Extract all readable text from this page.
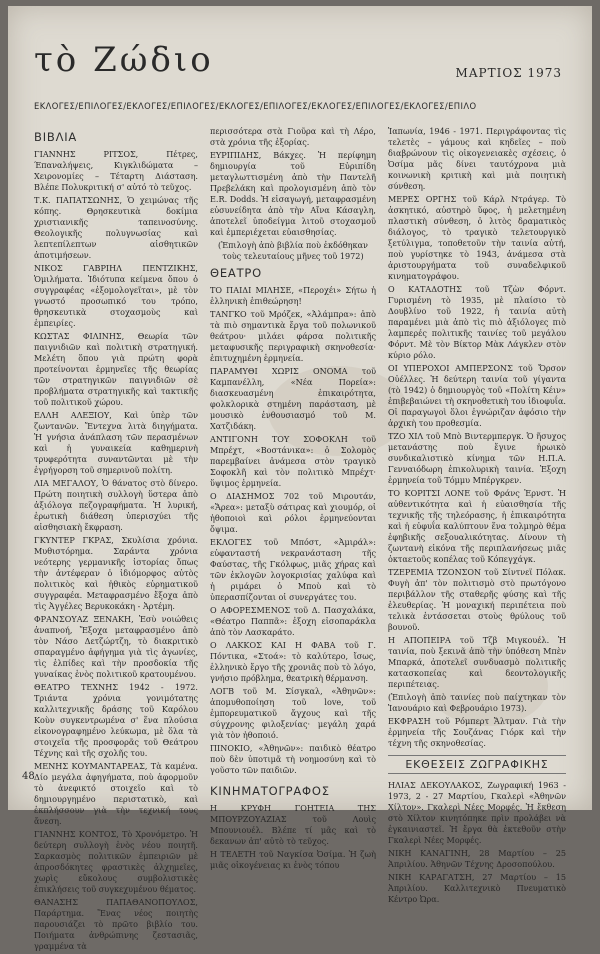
τὸ Ζώδιο	ΜΑΡΤΙΟΣ 1973
ΕΚΛΟΓΕΣ/ΕΠΙΛΟΓΕΣ/ΕΚΛΟΓΕΣ/ΕΠΙΛΟΓΕΣ/ΕΚΛΟΓΕΣ/ΕΠΙΛΟΓΕΣ/ΕΚΛΟΓΕΣ/ΕΠΙΛΟΓΕΣ/ΕΚΛΟΓΕΣ/ΕΠΙΛΟ
ΒΙΒΛΙΑ

ΓΙΑΝΝΗΣ ΡΙΤΣΟΣ, Πέτρες, Έπαναλήψεις, Κιγκλιδώματα – Χειρονομίες – Τέταρτη Διάσταση. Βλέπε Πολυκριτική σ' αὐτό τὸ τεῦχος.

Τ.Κ. ΠΑΠΑΤΣΩΝΗΣ, Ὁ χειμώνας τῆς κόπης. Θρησκευτικὰ δοκίμια χριστιανικῆς ταπεινοσύνης. Θεολογικῆς πολυγνωσίας καὶ λεπτεπίλεπτων αἰσθητικῶν ἀποτιμήσεων.

ΝΙΚΟΣ ΓΑΒΡΙΗΛ ΠΕΝΤΖΙΚΗΣ, Ὁμιλήματα. Ἰδιότυπα κείμενα ὅπου ὁ συγγραφέας «ἐξομολογεῖται», μὲ τὸν γνωστό προσωπικό του τρόπο, θρησκευτικὰ στοχασμοὺς καὶ ἐμπειρίες.

ΚΩΣΤΑΣ ΦΙΛΙΝΗΣ, Θεωρία τῶν παιγνιδιῶν καὶ πολιτικὴ στρατηγική. Μελέτη ὅπου γιὰ πρώτη φορὰ προτείνονται ἑρμηνεῖες τῆς θεωρίας τῶν στρατηγικῶν παιγνιδιῶν σὲ προβλήματα στρατηγικῆς καὶ τακτικῆς τοῦ πολιτικοῦ χώρου.

ΕΛΛΗ ΑΛΕΞΙΟΥ, Καὶ ὑπὲρ τῶν ζωντανῶν. Ἔντεχνα λιτὰ διηγήματα. Ἡ γνήσια ἀνάπλαση τῶν περασμένων καὶ ἡ γυναικεία καθημερινὴ τρυφερότητα συναντῶνται μὲ τὴν ἐγρήγορση τοῦ σημερινοῦ πολίτη.

ΛΙΑ ΜΕΓΑΛΟΥ, Ὁ θάνατος στὸ δίνερο. Πρώτη ποιητικὴ συλλογὴ ὕστερα ἀπὸ ἀξιόλογα πεζογραφήματα. Ἡ λυρική, ἐρωτικὴ διάθεση ὑπερισχύει τῆς αἰσθησιακὴ ἔκφραση.

ΓΚΥΝΤΕΡ ΓΚΡΑΣ, Σκυλίσια χρόνια. Μυθιστόρημα. Σαράντα χρόνια νεότερης γερμανικῆς ἱστορίας ὅπως τὴν ἀντέφεραν ὁ ἰδιόμορφος αὐτὸς πολιτικὸς καὶ ἠθικὸς εὐρηματικοῦ συγγραφέα. Μεταφρασμένο ἔξοχα ἀπὸ τὶς Ἀγγέλες Βερυκοκάκη - Ἀρτέμη.

ΦΡΑΝΣΟΥΑΖ ΞΕΝΑΚΗ, Ἐσὺ νοιώθεις ἀναπνοή, Ἔξοχα μεταφρασμένο ἀπὸ τὸν Νάσο Δετζώρτζη, τὸ διακριτικὸ σπαραγμένο ἀφήγημα γιὰ τὶς ἀγωνίες, τὶς ἐλπίδες καὶ τὴν προσδοκία τῆς γυναίκας ἑνὸς πολιτικοῦ κρατουμένου.

ΘΕΑΤΡΟ ΤΕΧΝΗΣ 1942 - 1972. Τριάντα χρόνια γονιμότατης καλλιτεχνικῆς δράσης τοῦ Καρόλου Κοὺν συγκεντρωμένα σ' ἕνα πλούσια εἰκονογραφημένο λεύκωμα, μὲ ὅλα τὰ στοιχεῖα τῆς προσφορᾶς τοῦ Θεάτρου Τέχνης καὶ τῆς σχολῆς του.

ΜΕΝΗΣ ΚΟΥΜΑΝΤΑΡΕΑΣ, Τὰ καμένα. Δίο μεγάλα ἀφηγήματα, ποὺ ἀφορμοῦν τὸ ἀνεφικτό στοιχεῖο καὶ τὸ δημιουργημένο περιστατικὸ, καὶ ἐκπλήσσουν γιὰ τὴν τεχνική τους ἄνεση.

ΓΙΑΝΝΗΣ ΚΟΝΤΟΣ, Τὸ Χρονόμετρο. Ἡ δεύτερη συλλογὴ ἑνὸς νέου ποιητῆ. Σαρκασμὸς πολιτικῶν ἐμπειριῶν μὲ ἀπροσδόκητες φραστικὲς ἀλχημεῖες, χωρὶς εὔκολους συμβολιστικὲς ἐπικλήσεις τοῦ συγκεχυμένου θέματος.

ΘΑΝΑΣΗΣ ΠΑΠΑΘΑΝΟΠΟΥΛΟΣ, Παράρτημα. Ἕνας νέος ποιητὴς παρουσιάζει τὸ πρῶτο βιβλίο του. Ποιήματα ἀνθρώπινης ζεστασιᾶς, γραμμένα τὰ

περισσότερα στὰ Γιοῦρα καὶ τὴ Λέρο, στὰ χρόνια τῆς ἐξορίας.

ΕΥΡΙΠΙΔΗΣ, Βάκχες. Ἡ περίφημη δημιουργία τοῦ Εὐριπίδη μεταγλωττισμένη ἀπὸ τὴν Παντελῆ Πρεβελάκη καὶ προλογισμένη ἀπὸ τὸν E.R. Dodds. Ἡ εἰσαγωγή, μεταφρασμένη εὐσυνείδητα ἀπὸ τὴν Αἴνα Κάσαγλη, ἀποτελεῖ ὑποδείγμα λιτοῦ στοχασμοῦ καὶ ἐμπεριέχεται εὐαισθησίας.

(Ἐπιλογὴ ἀπὸ βιβλία ποὺ ἐκδόθηκαν τοὺς τελευταίους μῆνες τοῦ 1972)

ΘΕΑΤΡΟ

ΤΟ ΠΑΙΔΙ ΜΙΛΗΣΕ, «Περοχέι» Σήτω ἡ ἑλληνικὴ ἐπιθεώρηση!

ΤΑΝΓΚΟ τοῦ Μρόζεκ, «Ἀλάμπρα»: ἀπὸ τὰ πιὸ σημαντικὰ ἔργα τοῦ πολωνικοῦ θεάτρου· μιλάει φάρσα πολιτικῆς μεταφυσικῆς περιγραφικὴ σκηνοθεσία· ἐπιτυχημένη ἑρμηνεία.

ΠΑΡΑΜΥΘΙ ΧΩΡΙΣ ΟΝΟΜΑ τοῦ Καμπανέλλη, «Νέα Πορεία»: διασκευασμένη ἐπικαιρότητα, φολκλορικὰ στημένη παράσταση, μὲ μουσικὸ ἐνθουσιασμό τοῦ Μ. Χατζιδάκη.

ΑΝΤΙΓΟΝΗ ΤΟΥ ΣΟΦΟΚΛΗ τοῦ Μπρέχτ, «Βοστάνικα»: ὁ Σολομὸς παρεμβαίνει ἀνάμεσα στὸν τραγικὸ Σοφοκλῆ καὶ τὸν πολιτικὸ Μπρέχτ· ὕψιμος ἑρμηνεία.

Ο ΔΙΑΣΗΜΟΣ 702 τοῦ Μιρουτάν, «Ἄρεα»: μεταξὺ σάτιρας καὶ χιουμόρ, οἱ ἠθοποιοὶ καὶ ρόλοι ἑρμηνεύονται ὄψιμα.

ΕΚΛΟΓΕΣ τοῦ Μπόστ, «Ἀμιράλ»: εὐφανταστή νεκρανάσταση τῆς Φαύστας, τῆς Γκόλφως, μιᾶς χήρας καὶ τῶν ἐκλογῶν λογοκρισίας χαλύφα καὶ ἡ ριμάρει ὁ Μποὺ καὶ τὸ ὑπερασπίζονται οἱ συνεργάτες του.

Ο ΑΦΟΡΕΣΜΕΝΟΣ τοῦ Δ. Πασχαλάκα, «Θέατρο Παππᾶ»: ἐξοχη εἰσοπαράκλα ἀπὸ τὸν Λασκαράτο.

Ο ΛΑΚΚΟΣ ΚΑΙ Η ΦΑΒΑ τοῦ Γ. Πόντικα, «Στοά»: τὸ καλύτερο, ἴσως, ἑλληνικὸ ἔργο τῆς χρονιᾶς ποὺ τὸ λόγο, γνήσιο πρόβλημα, θεατρικὴ θέρμανση.

ΛΟΓΒ τοῦ Μ. Σίσγκαλ, «Ἀθηνῶν»: ἀπομυθοποίηση τοῦ love, τοῦ ἐμπορευματικοῦ ἄγχους καὶ τῆς σύγχρονης φιλοξενίας· μεγάλη χαρά γιὰ τὸν ἠθοποιό.

ΠΙΝΟΚΙΟ, «Ἀθηνῶν»: παιδικὸ θέατρο ποὺ δὲν ὑποτιμᾶ τὴ νοημοσύνη καὶ τὸ γοῦστο τῶν παιδιῶν.

ΚΙΝΗΜΑΤΟΓΡΑΦΟΣ

Η ΚΡΥΦΗ ΓΟΗΤΕΙΑ ΤΗΣ ΜΠΟΥΡΖΟΥΑΖΙΑΣ τοῦ Λουὶς Μπουνιουέλ. Βλέπε τί μᾶς καὶ τὸ δεκανων ἀπ' αὐτὸ τὸ τεῦχος.

Η ΤΕΛΕΤΗ τοῦ Ναγκίσα Ὀσίμα. Ἡ ζωὴ μιᾶς οἰκογένειας κι ἑνὸς τόπου

Ἰαπωνία, 1946 - 1971. Περιγράφοντας τὶς τελετὲς – γάμους καὶ κηδεῖες – ποὺ διαβρώνουν τὶς οἰκογενειακὲς σχέσεις, ὁ Ὀσίμα μᾶς δίνει ταυτόχρονα μιὰ κοινωνικὴ κριτικὴ καὶ μιὰ ποιητικὴ σύνθεση.

ΜΕΡΕΣ ΟΡΓΗΣ τοῦ Κάρλ Ντράγερ. Τὸ ἀσκητικό, αὐστηρὸ ὕφος, ἡ μελετημένη πλαστικὴ σύνθεση, ὁ λιτὸς δραματικὸς διάλογος, τὸ τραγικὸ τελετουργικὸ ξετύλιγμα, τοποθετοῦν τὴν ταινία αὐτή, ποὺ γυρίστηκε τὸ 1943, ἀνάμεσα στὰ ἀριστουργήματα τοῦ συναδελφικοῦ κινηματογράφου.

Ο ΚΑΤΑΔΟΤΗΣ τοῦ Τζὼν Φόρντ. Γυρισμένη τὸ 1935, μὲ πλαίσιο τὸ Δουβλίνο τοῦ 1922, ἡ ταινία αὐτὴ παραμένει μιὰ ἀπὸ τὶς πιὸ ἀξιόλογες πιὸ λαμπερές πολιτικῆς ταινίες τοῦ μεγάλου Φόρντ. Μὲ τὸν Βίκτορ Μὰκ Λάγκλεν στὸν κύριο ρόλο.

ΟΙ ΥΠΕΡΟΧΟΙ ΑΜΠΕΡΣΟΝΣ τοῦ Ὄρσον Οὐέλλες. Ἡ δεύτερη ταινία τοῦ γίγαντα (τὸ 1942) ὁ δημιουργὸς τοῦ «Πολίτη Κέιν» ἐπιβεβαιώνει τὴ σκηνοθετικὴ του ἰδιοφυΐα. Οἱ παραγωγοὶ ὅλοι ἐγνώριζαν ἀφόσιο τὴν ἀρχικὴ του προθεσμία.

ΤΖΟ ΧΙΛ τοῦ Μπὸ Βιντερμπεργκ. Ὁ ἥσυχος μετανάστης ποὺ ἔγινε ἡρωικὸ συνδικαλιστικὸ κίνημα τῶν Η.Π.Α. Γενναιόδωρη ἐπικολυρικὴ ταινία. Ἐξοχη ἑρμηνεία τοῦ Τόμμυ Μπέργκρεν.

ΤΟ ΚΟΡΙΤΣΙ ΛΟΝΕ τοῦ Φράνς Ἐρνστ. Ἡ αὐθεντικότητα καὶ ἡ εὐαισθησία τῆς τεχνικῆς τῆς τηλεόρασης, ἡ ἐπικαιρότητα καὶ ἡ εὐφυΐα καλύπτουν ἕνα τολμηρὸ θέμα ἐφηβικῆς σεξουαλικότητας. Δίνουν τὴ ζωντανὴ εἰκόνα τῆς περιπλανήσεως μιᾶς ὀκταετοῦς κοπέλας τοῦ Κόπεγχάγκ.

ΤΖΕΡΕΜΙΑ ΤΖΟΝΣΟΝ τοῦ Σίντνεϊ Πόλακ. Φυγὴ ἀπ' τὸν πολιτισμὸ στὸ πρωτόγονο περιβάλλον τῆς σταθερῆς φύσης καὶ τῆς ἐλευθερίας. Ἡ μοναχική περιπέτεια ποὺ τελικὰ ἐντάσσεται στοὺς θρύλους τοῦ βουνοῦ.

Η ΑΠΟΠΕΙΡΑ τοῦ Τζβ Μιγκουέλ. Ἡ ταινία, ποὺ ξεκινᾶ ἀπὸ τὴν ὑπόθεση Μπὲν Μπαρκά, ἀποτελεῖ συνδυασμὸ πολιτικῆς κατασκοπείας καὶ δεοντολογικῆς περιπέτειας.

(Ἐπιλογὴ ἀπὸ ταινίες ποὺ παίχτηκαν τὸν Ἰανουάριο καὶ Φεβρουάριο 1973).

ΕΚΦΡΑΣΗ τοῦ Ρόμπερτ Ἄλτμαν. Γιὰ τὴν ἑρμηνεία τῆς Σουζάνας Γιόρκ καὶ τὴν τέχνη τῆς σκηνοθεσίας.

ΕΚΘΕΣΕΙΣ ΖΩΓΡΑΦΙΚΗΣ

ΗΛΙΑΣ ΔΕΚΟΥΛΑΚΟΣ, Ζωγραφική 1963 - 1973, 2 - 27 Μαρτίου, Γκαλερὶ «Ἀθηνῶν Χίλτον». Γκαλερὶ Νέες Μορφές. Ἡ ἔκθεση στὸ Χίλτον κινητόπηκε πρὶν προλάβει νὰ ἐγκαινιαστεῖ. Ἡ ἔργα θὰ ἐκτεθοῦν στὴν Γκαλερὶ Νέες Μορφές.

ΝΙΚΗ ΚΑΝΑΓΙΝΗ, 28 Μαρτίου – 25 Ἀπριλίου. Ἀθηνῶν Τέχνης Δροσοπούλου.

ΝΙΚΗ ΚΑΡΑΓΑΤΣΗ, 27 Μαρτίου – 15 Ἀπριλίου. Καλλιτεχνικὸ Πνευματικὸ Κέντρο Ὠρα.

48
